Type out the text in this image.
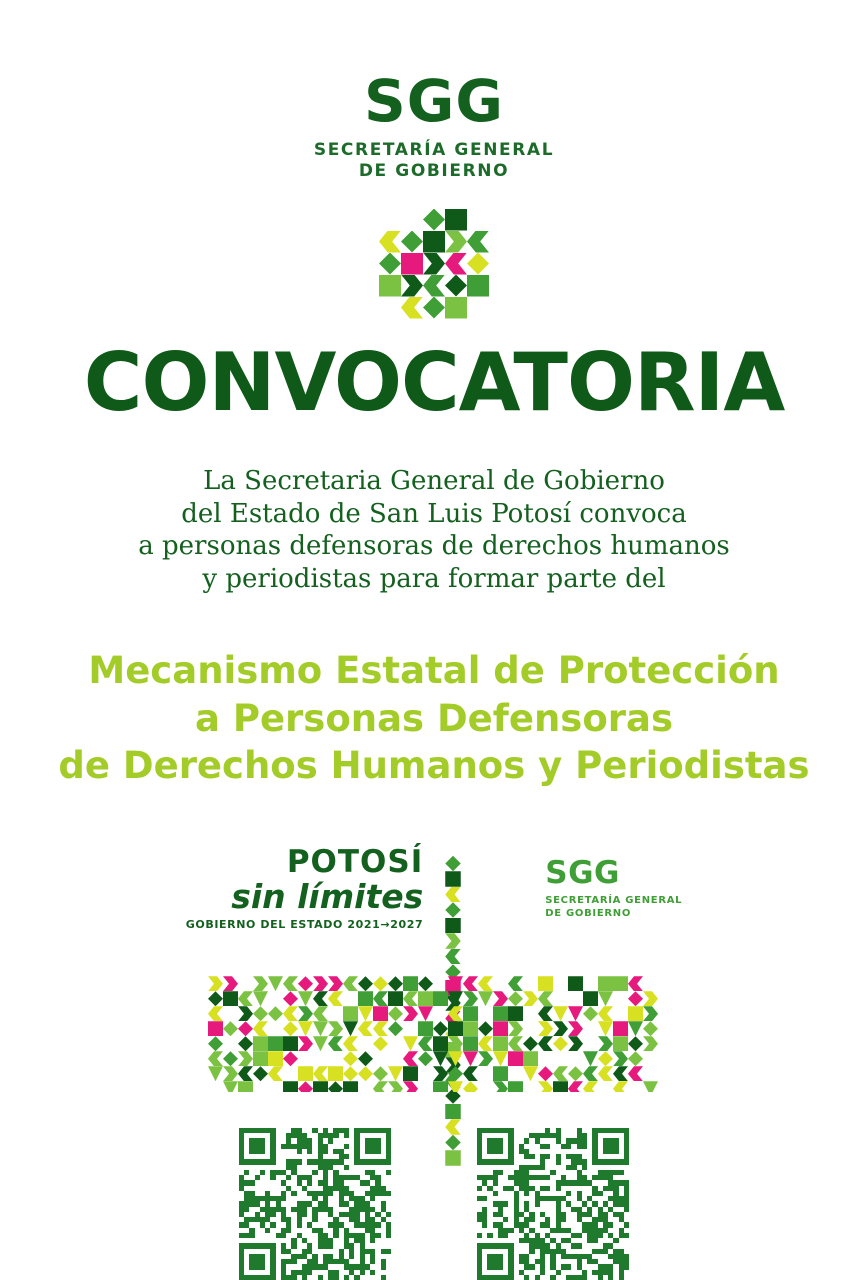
SGG
SECRETARÍA GENERAL
DE GOBIERNO
CONVOCATORIA
La Secretaria General de Gobierno
del Estado de San Luis Potosí convoca
a personas defensoras de derechos humanos
y periodistas para formar parte del
Mecanismo Estatal de Protección
a Personas Defensoras
de Derechos Humanos y Periodistas
POTOSÍ
sin límites
GOBIERNO DEL ESTADO 2021→2027
SGG
SECRETARÍA GENERAL
DE GOBIERNO
